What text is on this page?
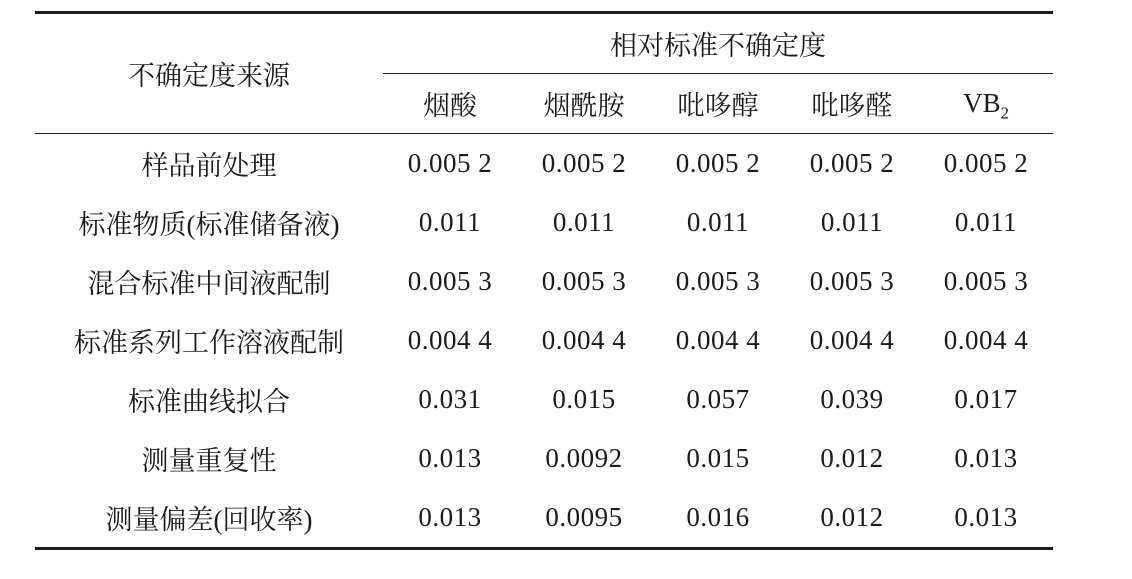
不确定度来源	相对标准不确定度				
	烟酸	烟酰胺	吡哆醇	吡哆醛	$VB_2$
样品前处理	0.005 2	0.005 2	0.005 2	0.005 2	0.005 2
标准物质(标准储备液)	0.011	0.011	0.011	0.011	0.011
混合标准中间液配制	0.005 3	0.005 3	0.005 3	0.005 3	0.005 3
标准系列工作溶液配制	0.004 4	0.004 4	0.004 4	0.004 4	0.004 4
标准曲线拟合	0.031	0.015	0.057	0.039	0.017
测量重复性	0.013	0.0092	0.015	0.012	0.013
测量偏差(回收率)	0.013	0.0095	0.016	0.012	0.013
